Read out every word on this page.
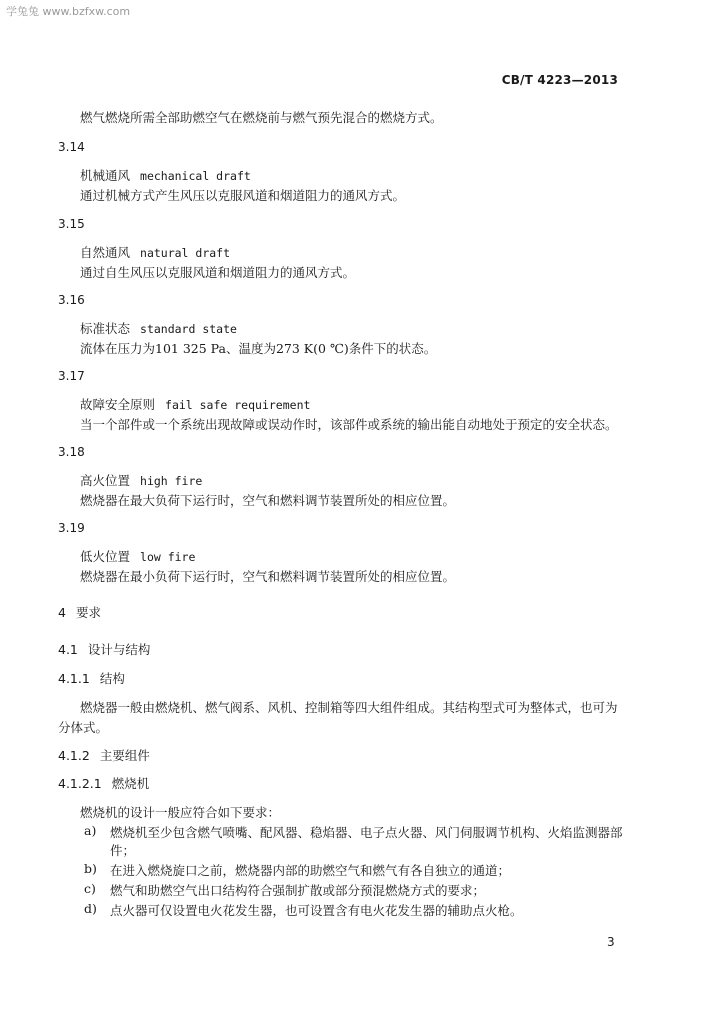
学兔兔 www.bzfxw.com
CB/T 4223—2013
燃气燃烧所需全部助燃空气在燃烧前与燃气预先混合的燃烧方式。
3.14
机械通风 mechanical draft
通过机械方式产生风压以克服风道和烟道阻力的通风方式。
3.15
自然通风 natural draft
通过自生风压以克服风道和烟道阻力的通风方式。
3.16
标准状态 standard state
流体在压力为101 325 Pa、温度为273 K(0 ℃)条件下的状态。
3.17
故障安全原则 fail safe requirement
当一个部件或一个系统出现故障或误动作时，该部件或系统的输出能自动地处于预定的安全状态。
3.18
高火位置 high fire
燃烧器在最大负荷下运行时，空气和燃料调节装置所处的相应位置。
3.19
低火位置 low fire
燃烧器在最小负荷下运行时，空气和燃料调节装置所处的相应位置。
4 要求
4.1 设计与结构
4.1.1 结构
燃烧器一般由燃烧机、燃气阀系、风机、控制箱等四大组件组成。其结构型式可为整体式，也可为
分体式。
4.1.2 主要组件
4.1.2.1 燃烧机
燃烧机的设计一般应符合如下要求：
a) 燃烧机至少包含燃气喷嘴、配风器、稳焰器、电子点火器、风门伺服调节机构、火焰监测器部
件；
b) 在进入燃烧旋口之前，燃烧器内部的助燃空气和燃气有各自独立的通道；
c) 燃气和助燃空气出口结构符合强制扩散或部分预混燃烧方式的要求；
d) 点火器可仅设置电火花发生器，也可设置含有电火花发生器的辅助点火枪。
3
